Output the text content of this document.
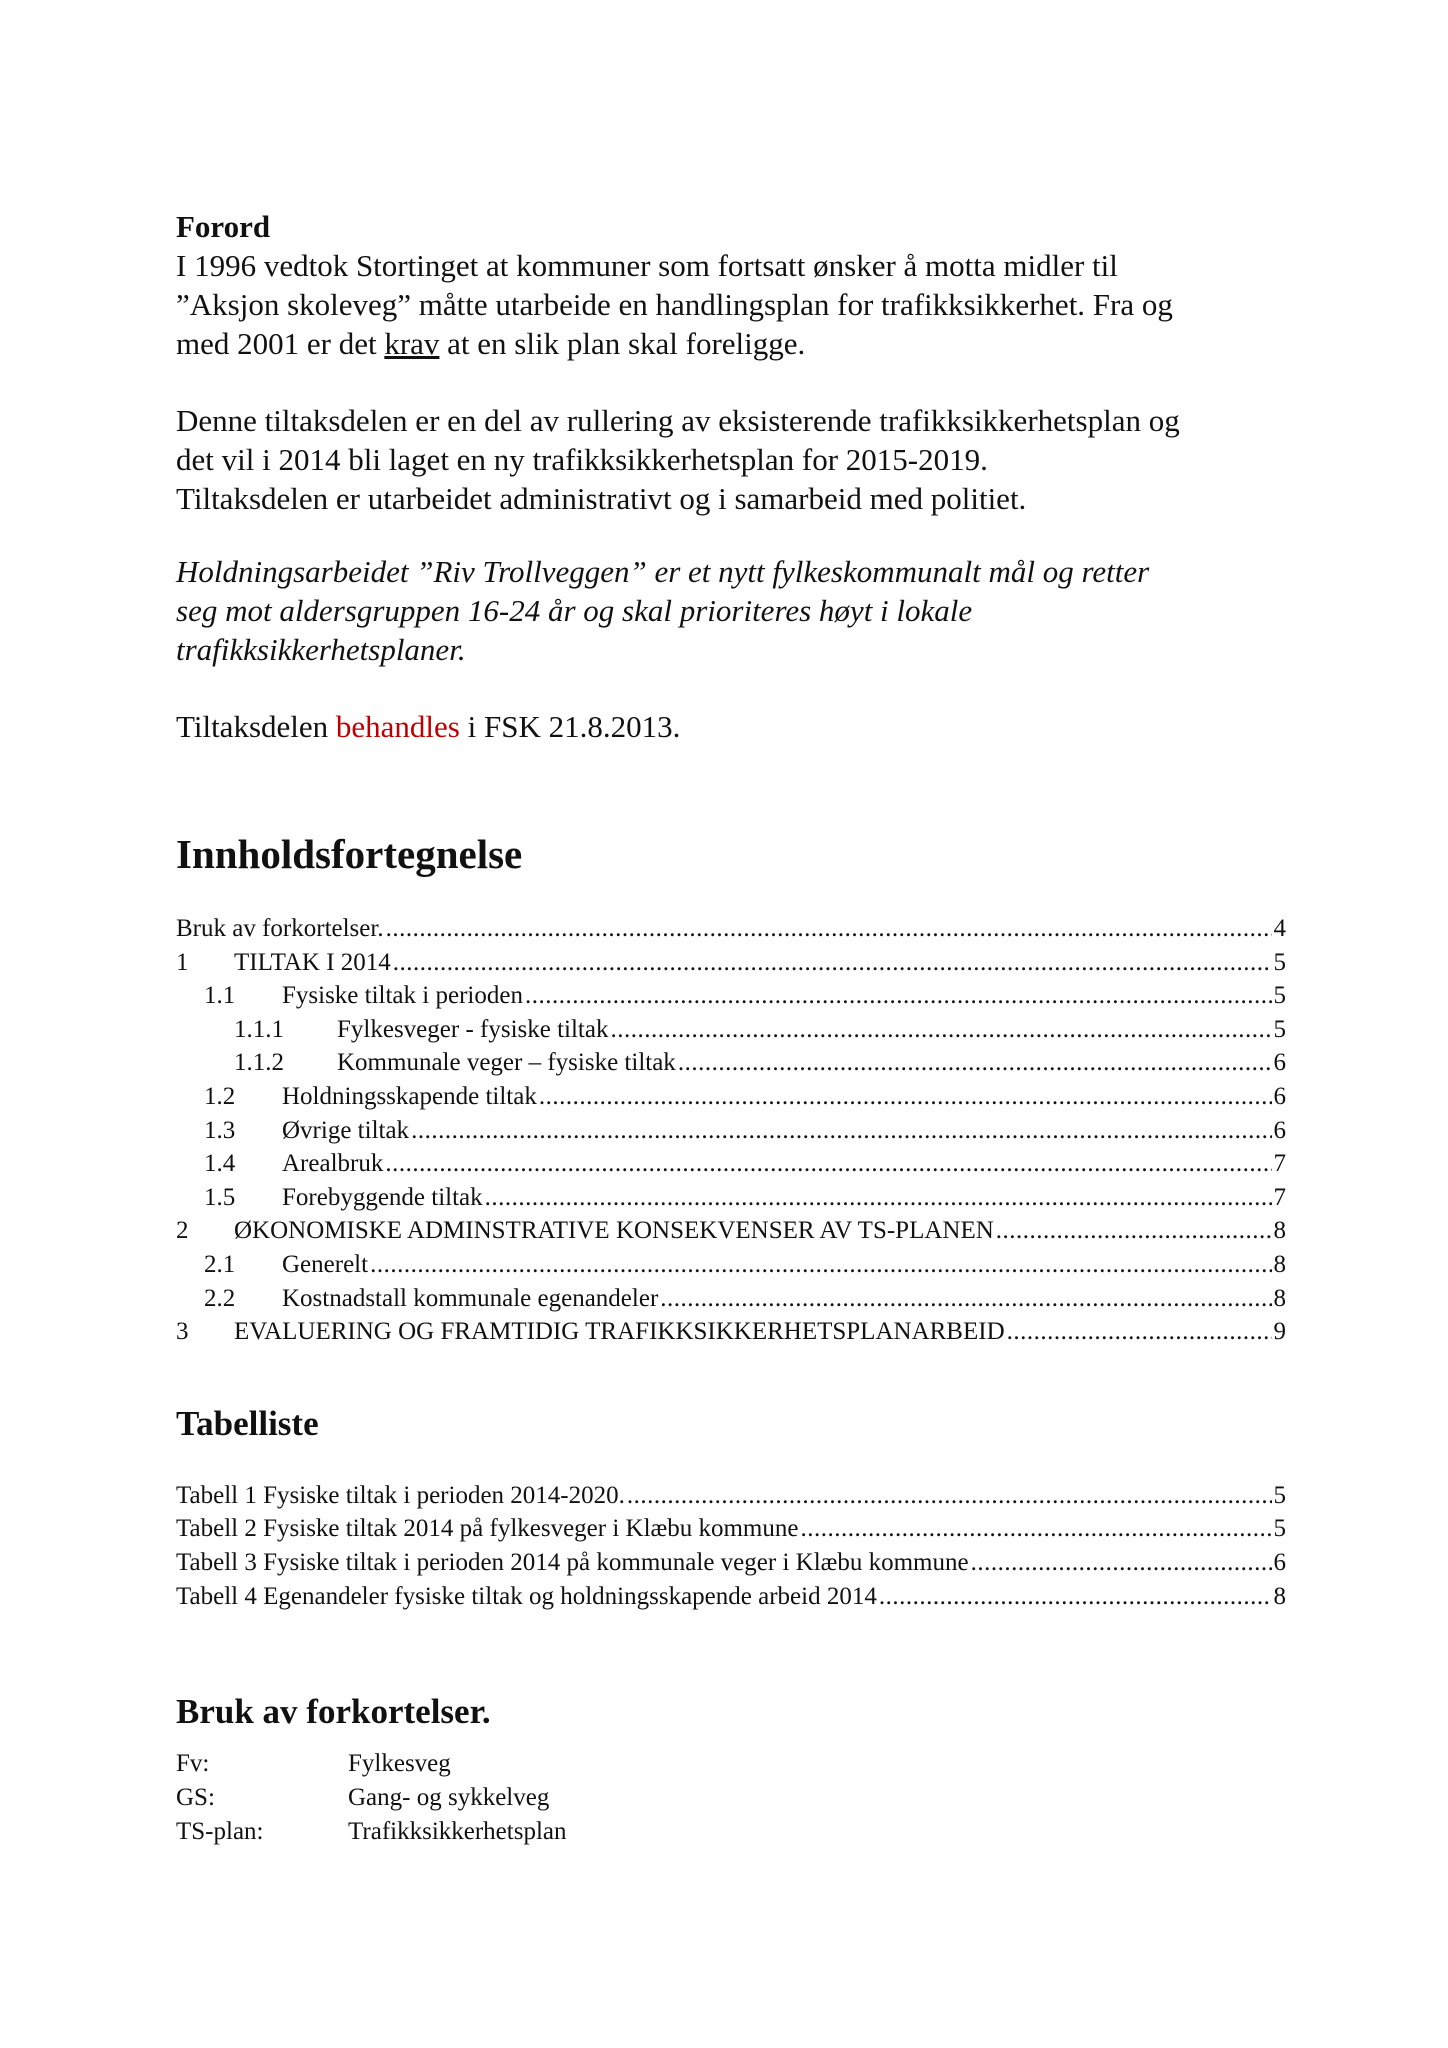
Forord

I 1996 vedtok Stortinget at kommuner som fortsatt ønsker å motta midler til
”Aksjon skoleveg” måtte utarbeide en handlingsplan for trafikksikkerhet. Fra og
med 2001 er det krav at en slik plan skal foreligge.

Denne tiltaksdelen er en del av rullering av eksisterende trafikksikkerhetsplan og
det vil i 2014 bli laget en ny trafikksikkerhetsplan for 2015-2019.
Tiltaksdelen er utarbeidet administrativt og i samarbeid med politiet.

Holdningsarbeidet ”Riv Trollveggen” er et nytt fylkeskommunalt mål og retter
seg mot aldersgruppen 16-24 år og skal prioriteres høyt i lokale
trafikksikkerhetsplaner.

Tiltaksdelen behandles i FSK 21.8.2013.

Innholdsfortegnelse
Bruk av forkortelser. .....	4
1	TILTAK I 2014 .....	5
1.1	Fysiske tiltak i perioden .....	5
1.1.1	Fylkesveger - fysiske tiltak .....	5
1.1.2	Kommunale veger – fysiske tiltak .....	6
1.2	Holdningsskapende tiltak .....	6
1.3	Øvrige tiltak .....	6
1.4	Arealbruk .....	7
1.5	Forebyggende tiltak .....	7
2	ØKONOMISKE ADMINSTRATIVE KONSEKVENSER AV TS-PLANEN .....	8
2.1	Generelt .....	8
2.2	Kostnadstall kommunale egenandeler .....	8
3	EVALUERING OG FRAMTIDIG TRAFIKKSIKKERHETSPLANARBEID .....	9
Tabelliste
Tabell 1 Fysiske tiltak i perioden 2014-2020. .....	5
Tabell 2 Fysiske tiltak 2014 på fylkesveger i Klæbu kommune .....	5
Tabell 3 Fysiske tiltak i perioden 2014 på kommunale veger i Klæbu kommune .....	6
Tabell 4 Egenandeler fysiske tiltak og holdningsskapende arbeid 2014 .....	8
Bruk av forkortelser.
Fv:	Fylkesveg
GS:	Gang- og sykkelveg
TS-plan:	Trafikksikkerhetsplan
